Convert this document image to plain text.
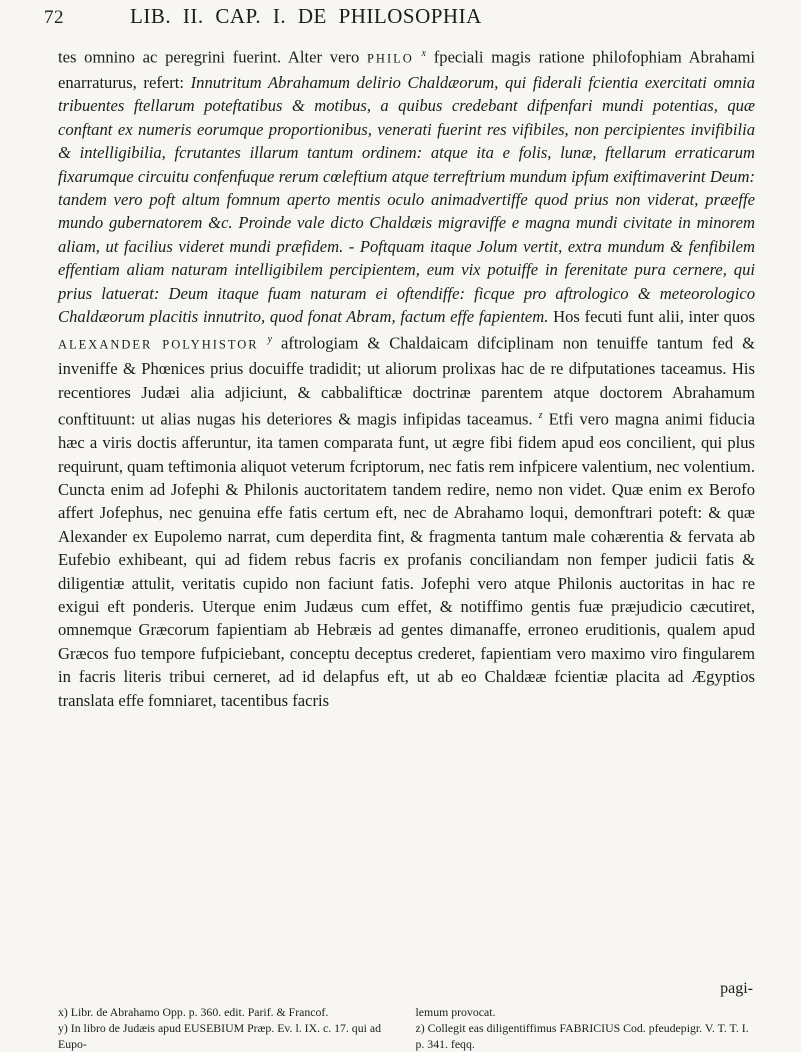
72	LIB. II. CAP. I. DE PHILOSOPHIA

tes omnino ac peregrini fuerint. Alter vero PHILO $^x$ fpeciali magis ratione philofophiam Abrahami enarraturus, refert: Innutritum Abrahamum delirio Chaldæorum, qui fiderali fcientia exercitati omnia tribuentes ftellarum poteftatibus & motibus, a quibus credebant difpenfari mundi potentias, quæ conftant ex numeris eorumque proportionibus, venerati fuerint res vifibiles, non percipientes invifibilia & intelligibilia, fcrutantes illarum tantum ordinem: atque ita e folis, lunæ, ftellarum erraticarum fixarumque circuitu confenfuque rerum cœleftium atque terreftrium mundum ipfum exiftimaverint Deum: tandem vero poft altum fomnum aperto mentis oculo animadvertiffe quod prius non viderat, præeffe mundo gubernatorem &c. Proinde vale dicto Chaldæis migraviffe e magna mundi civitate in minorem aliam, ut facilius videret mundi præfidem. - Poftquam itaque Jolum vertit, extra mundum & fenfibilem effentiam aliam naturam intelligibilem percipientem, eum vix potuiffe in ferenitate pura cernere, qui prius latuerat: Deum itaque fuam naturam ei oftendiffe: ficque pro aftrologico & meteorologico Chaldæorum placitis innutrito, quod fonat Abram, factum effe fapientem. Hos fecuti funt alii, inter quos ALEXANDER POLYHISTOR $^y$ aftrologiam & Chaldaicam difciplinam non tenuiffe tantum fed & inveniffe & Phœnices prius docuiffe tradidit; ut aliorum prolixas hac de re difputationes taceamus. His recentiores Judæi alia adjiciunt, & cabbalifticæ doctrinæ parentem atque doctorem Abrahamum conftituunt: ut alias nugas his deteriores & magis infipidas taceamus. $^z$ Etfi vero magna animi fiducia hæc a viris doctis afferuntur, ita tamen comparata funt, ut ægre fibi fidem apud eos concilient, qui plus requirunt, quam teftimonia aliquot veterum fcriptorum, nec fatis rem infpicere valentium, nec volentium. Cuncta enim ad Jofephi & Philonis auctoritatem tandem redire, nemo non videt. Quæ enim ex Berofo affert Jofephus, nec genuina effe fatis certum eft, nec de Abrahamo loqui, demonftrari poteft: & quæ Alexander ex Eupolemo narrat, cum deperdita fint, & fragmenta tantum male cohærentia & fervata ab Eufebio exhibeant, qui ad fidem rebus facris ex profanis conciliandam non femper judicii fatis & diligentiæ attulit, veritatis cupido non faciunt fatis. Jofephi vero atque Philonis auctoritas in hac re exigui eft ponderis. Uterque enim Judæus cum effet, & notiffimo gentis fuæ præjudicio cæcutiret, omnemque Græcorum fapientiam ab Hebræis ad gentes dimanaffe, erroneo eruditionis, qualem apud Græcos fuo tempore fufpiciebant, conceptu deceptus crederet, fapientiam vero maximo viro fingularem in facris literis tribui cerneret, ad id delapfus eft, ut ab eo Chaldææ fcientiæ placita ad Ægyptios translata effe fomniaret, tacentibus facris

pagi-

x) Libr. de Abrahamo Opp. p. 360. edit. Parif. & Francof.

y) In libro de Judæis apud EUSEBIUM Præp. Ev. l. IX. c. 17. qui ad Eupo-

lemum provocat.

z) Collegit eas diligentiffimus FABRICIUS Cod. pfeudepigr. V. T. T. I. p. 341. feqq.
